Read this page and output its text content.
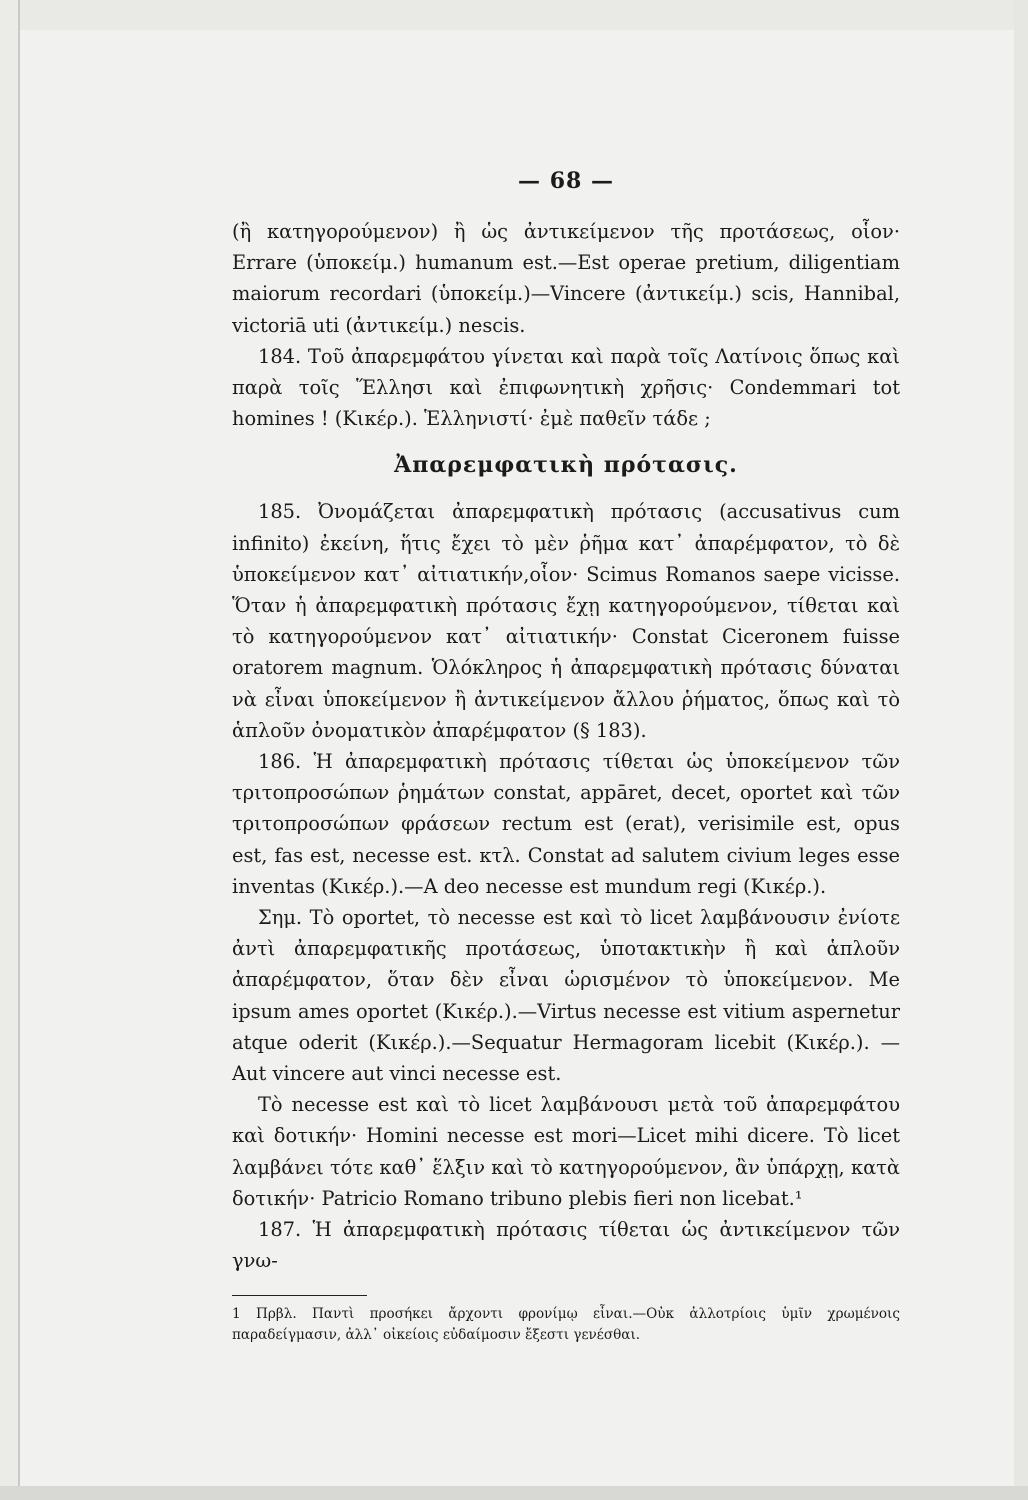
— 68 —

(ἢ κατηγορούμενον) ἢ ὡς ἀντικείμενον τῆς προτάσεως, οἷον· Errare (ὑποκείμ.) humanum est.—Est operae pretium, diligentiam maiorum recordari (ὑποκείμ.)—Vincere (ἀντικείμ.) scis, Hannibal, victoriā uti (ἀντικείμ.) nescis.

184. Τοῦ ἀπαρεμφάτου γίνεται καὶ παρὰ τοῖς Λατίνοις ὅπως καὶ παρὰ τοῖς Ἕλλησι καὶ ἐπιφωνητικὴ χρῆσις· Condemmari tot homines ! (Κικέρ.). Ἑλληνιστί· ἐμὲ παθεῖν τάδε ;

Ἀπαρεμφατικὴ πρότασις.

185. Ὀνομάζεται ἀπαρεμφατικὴ πρότασις (accusativus cum infinito) ἐκείνη, ἥτις ἔχει τὸ μὲν ῥῆμα κατ᾽ ἀπαρέμφατον, τὸ δὲ ὑποκείμενον κατ᾽ αἰτιατικήν,οἷον· Scimus Romanos saepe vicisse. Ὅταν ἡ ἀπαρεμφατικὴ πρότασις ἔχῃ κατηγορούμενον, τίθεται καὶ τὸ κατηγορούμενον κατ᾽ αἰτιατικήν· Constat Ciceronem fuisse oratorem magnum. Ὁλόκληρος ἡ ἀπαρεμφατικὴ πρότασις δύναται νὰ εἶναι ὑποκείμενον ἢ ἀντικείμενον ἄλλου ῥήματος, ὅπως καὶ τὸ ἁπλοῦν ὀνοματικὸν ἀπαρέμφατον (§ 183).

186. Ἡ ἀπαρεμφατικὴ πρότασις τίθεται ὡς ὑποκείμενον τῶν τριτοπροσώπων ῥημάτων constat, appāret, decet, oportet καὶ τῶν τριτοπροσώπων φράσεων rectum est (erat), verisimile est, opus est, fas est, necesse est. κτλ. Constat ad salutem civium leges esse inventas (Κικέρ.).—A deo necesse est mundum regi (Κικέρ.).

Σημ. Τὸ oportet, τὸ necesse est καὶ τὸ licet λαμβάνουσιν ἐνίοτε ἀντὶ ἀπαρεμφατικῆς προτάσεως, ὑποτακτικὴν ἢ καὶ ἁπλοῦν ἀπαρέμφατον, ὅταν δὲν εἶναι ὡρισμένον τὸ ὑποκείμενον. Me ipsum ames oportet (Κικέρ.).—Virtus necesse est vitium aspernetur atque oderit (Κικέρ.).—Sequatur Hermagoram licebit (Κικέρ.). — Aut vincere aut vinci necesse est.

Τὸ necesse est καὶ τὸ licet λαμβάνουσι μετὰ τοῦ ἀπαρεμφάτου καὶ δοτικήν· Homini necesse est mori—Licet mihi dicere. Τὸ licet λαμβάνει τότε καθ᾽ ἕλξιν καὶ τὸ κατηγορούμενον, ἂν ὑπάρχῃ, κατὰ δοτικήν· Patricio Romano tribuno plebis fieri non licebat.¹

187. Ἡ ἀπαρεμφατικὴ πρότασις τίθεται ὡς ἀντικείμενον τῶν γνω-

1 Πρβλ. Παντὶ προσήκει ἄρχοντι φρονίμῳ εἶναι.—Οὐκ ἀλλοτρίοις ὑμῖν χρωμένοις παραδείγμασιν, ἀλλ᾽ οἰκείοις εὐδαίμοσιν ἔξεστι γενέσθαι.
